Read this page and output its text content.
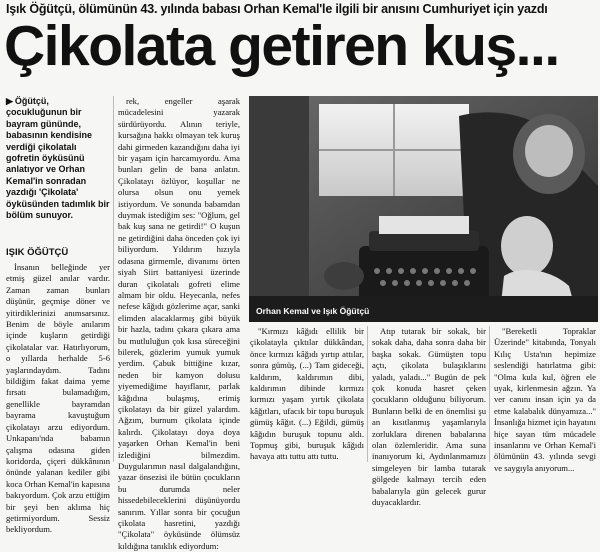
Işık Öğütçü, ölümünün 43. yılında babası Orhan Kemal'le ilgili bir anısını Cumhuriyet için yazdı
Çikolata getiren kuş...
▶ Öğütçü, çocukluğunun bir bayram gününde, babasının kendisine verdiği çikolatalı gofretin öyküsünü anlatıyor ve Orhan Kemal'in sonradan yazdığı 'Çikolata' öyküsünden tadımlık bir bölüm sunuyor.
IŞIK ÖĞÜTÇÜ

İnsanın belleğinde yer etmiş güzel anılar vardır. Zaman zaman bunları düşünür, geçmişe döner ve yitirdiklerinizi anımsarsınız. Benim de böyle anılarım içinde kuşların getirdiği çikolatalar var. Hatırlıyorum, o yıllarda herhalde 5-6 yaşlarındaydım. Tadını bildiğim fakat daima yeme fırsatı bulamadığım, genellikle bayramdan bayrama kavuştuğum çikolatayı arzu ediyordum. Unkapanı'nda babamın çalışma odasına giden koridorda, çiçeri dükkânının önünde yalanan kediler gibi koca Orhan Kemal'in kapısına bakıyordum. Çok arzu ettiğim bir şeyi ben aklıma hiç getirmiyordum. Sessiz bekliyordum.

rek, engeller aşarak mücadelesini yazarak sürdürüyordu. Alının teriyle, kursağına hakkı olmayan tek kuruş dahi girmeden kazandığını daha iyi bir yaşam için harcamıyordu. Ama bunları gelin de bana anlatın. Çikolatayı özlüyor, koşullar ne olursa olsun onu yemek istiyordum. Ve sonunda babamdan duymak istediğim ses: "Oğlum, gel bak kuş sana ne getirdi!" O kuşun ne getirdiğini daha önceden çok iyi biliyordum. Yıldırım hızıyla odasına girmemle, divanımı örten siyah Siirt battaniyesi üzerinde duran çikolatalı gofreti elime almam bir oldu. Heyecanla, nefes nefese kâğıdı gözlerime açar, sanki elimden alacaklarmış gibi büyük bir hazla, tadını çıkara çıkara ama bu mutluluğun çok kısa süreceğini bilerek, gözlerim yumuk yumuk yerdim. Çabuk bittiğine kızar, neden bir kamyon dolusu yiyemediğime hayıflanır, parlak kâğıdına bulaşmış, erimiş çikolatayı da bir güzel yalardım. Ağzım, burnum çikolata içinde kalırdı. Çikolatayı doya doya yaşarken Orhan Kemal'in beni izlediğini bilmezdim. Duygularımın nasıl dalgalandığını, yazar önsezisi ile bütün çocukların bu durumda neler hissedebileceklerini düşünüyordu sanırım. Yıllar sonra bir çocuğun çikolata hasretini, yazdığı "Çikolata" öyküsünde ölümsüz kıldığına tanıklık ediyordum:

"Kırmızı kâğıdı ellilik bir çikolatayla çıktılar dükkândan, önce kırmızı kâğıdı yırtıp attılar, sonra gümüş, (...) Tam gideceği, kaldırım, kaldırımın dibi, kaldırımın dibinde kırmızı kırmızı yaşam yırtık çikolata kâğıtları, ufacık bir topu buruşuk gümüş kâğıt. (...) Eğildi, gümüş kâğıdın buruşuk topunu aldı. Topmuş gibi, buruşuk kâğıdı havaya attı tuttu attı tuttu.

Atıp tutarak bir sokak, bir sokak daha, daha sonra daha bir başka sokak. Gümüşten topu açtı, çikolata bulaşıklarını yaladı, yaladı..." Bugün de pek çok konuda hasret çeken çocukların olduğunu biliyorum. Bunların belki de en önemlisi şu an kısıtlanmış yaşamlarıyla zorluklara direnen babalarına olan özlemleridir. Ama suna inanıyorum ki, Aydınlanmamızı simgeleyen bir lamba tutarak gölgede kalmayı tercih eden babalarıyla gün gelecek gurur duyacaklardır.

"Bereketli Topraklar Üzerinde" kitabında, Tonyalı Kılıç Usta'nın hepimize seslendiği hatırlatma gibi: "Olma kula kul, öğren ele uyak, kirlenmesin ağzın. Ya ver canını insan için ya da etme kalabalık dünyamıza..." İnsanlığa hizmet için hayatını hiçe sayan tüm mücadele insanlarını ve Orhan Kemal'i ölümünün 43. yılında sevgi ve saygıyla anıyorum...

Orhan Kemal ve Işık Öğütçü
